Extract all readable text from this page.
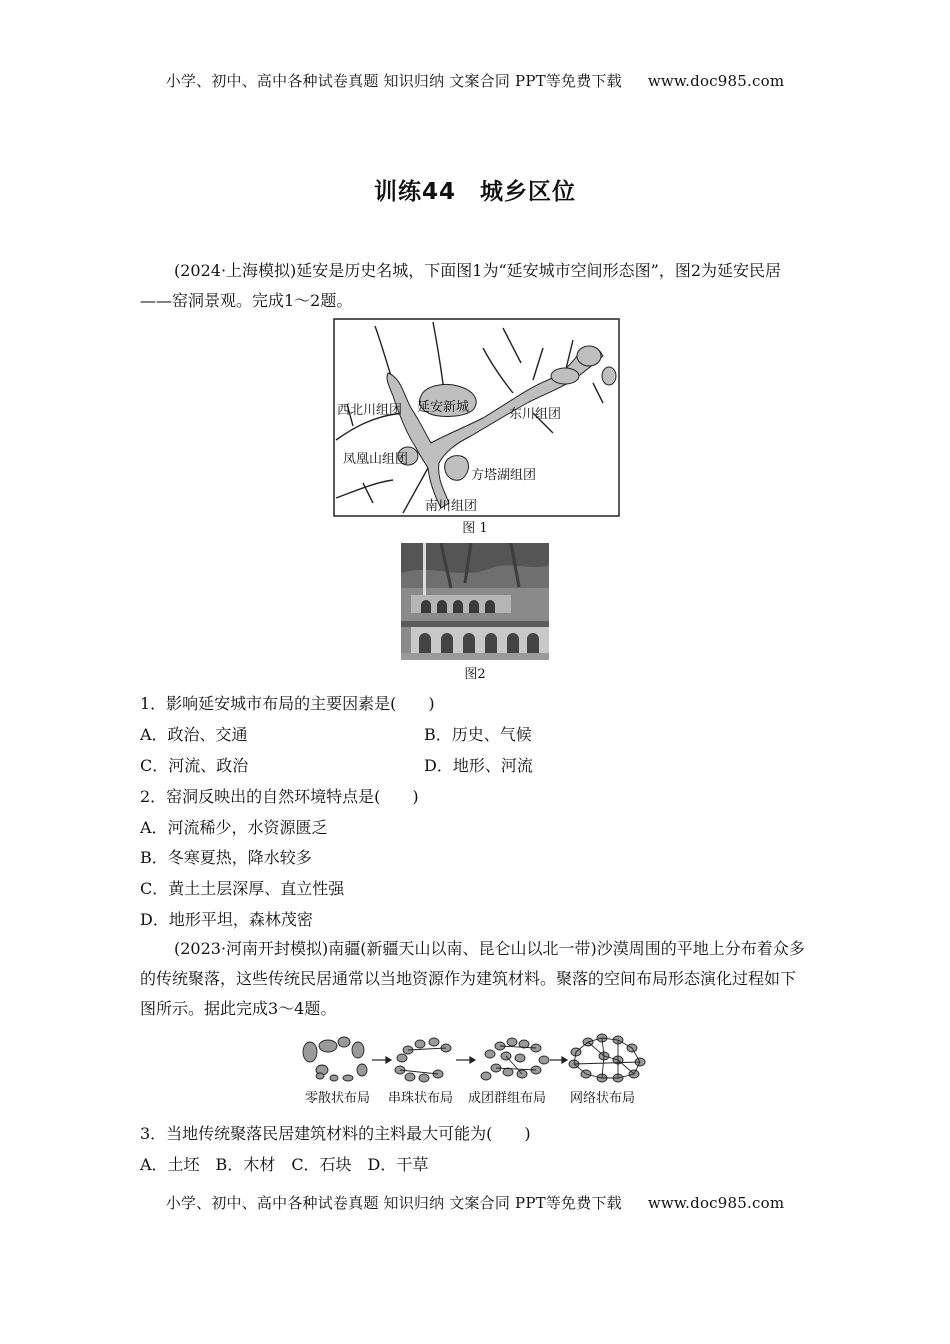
小学、初中、高中各种试卷真题 知识归纳 文案合同 PPT等免费下载 www.doc985.com
训练44　城乡区位
(2024·上海模拟)延安是历史名城，下面图1为“延安城市空间形态图”，图2为延安民居——窑洞景观。完成1～2题。
西北川组团 延安新城	东川组团
凤凰山组团
方塔湖组团
南川组团
图 1
图2
1．影响延安城市布局的主要因素是(　　)
A．政治、交通	B．历史、气候
C．河流、政治	D．地形、河流
2．窑洞反映出的自然环境特点是(　　)
A．河流稀少，水资源匮乏
B．冬寒夏热，降水较多
C．黄土土层深厚、直立性强
D．地形平坦，森林茂密
(2023·河南开封模拟)南疆(新疆天山以南、昆仑山以北一带)沙漠周围的平地上分布着众多的传统聚落，这些传统民居通常以当地资源作为建筑材料。聚落的空间布局形态演化过程如下图所示。据此完成3～4题。
零散状布局 串珠状布局 成团群组布局 网络状布局
3．当地传统聚落民居建筑材料的主料最大可能为(　　)
A．土坯　B．木材　C．石块　D．干草
小学、初中、高中各种试卷真题 知识归纳 文案合同 PPT等免费下载 www.doc985.com
